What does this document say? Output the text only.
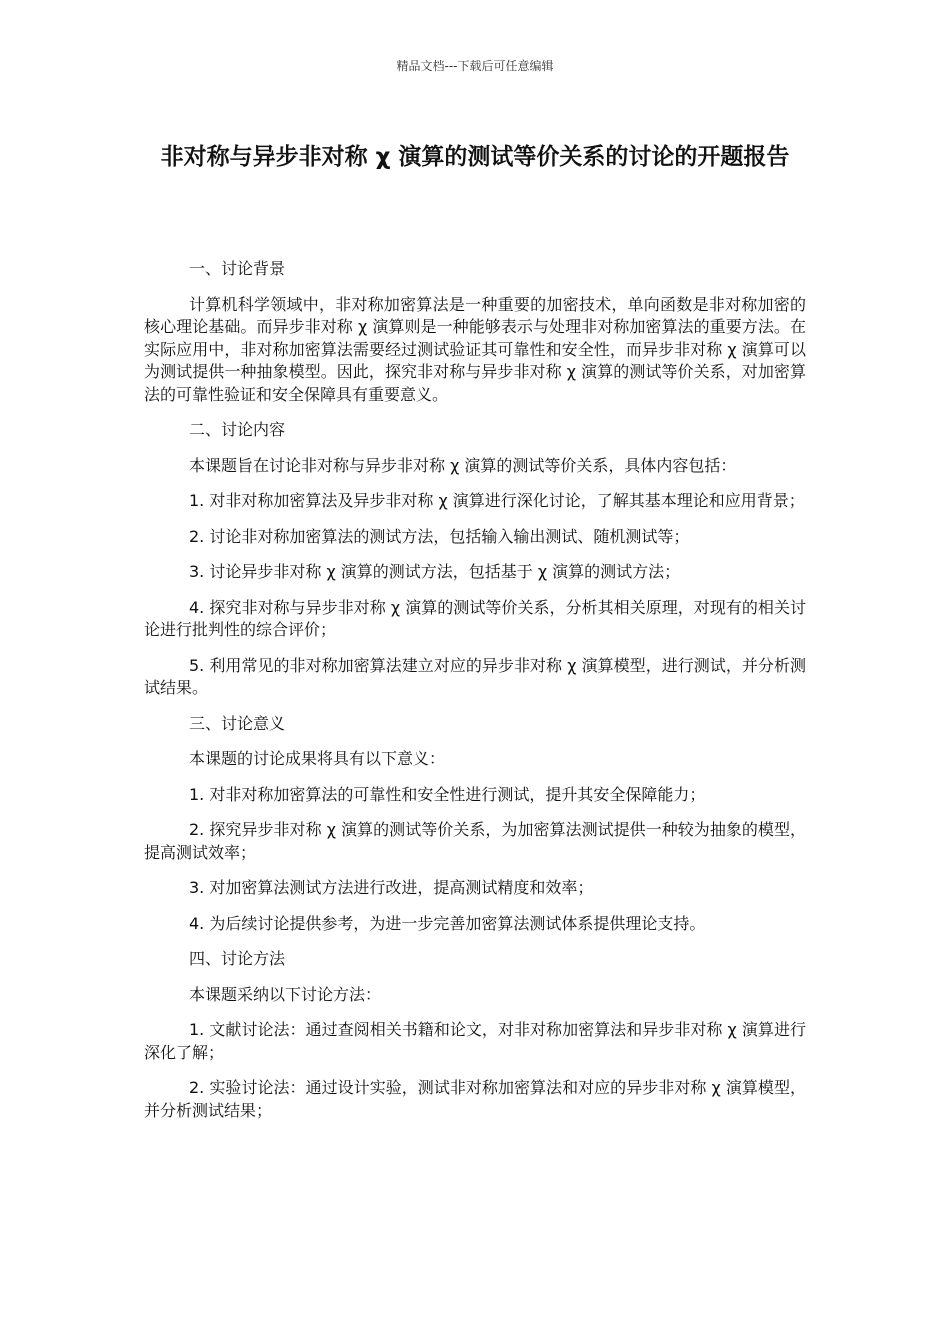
精品文档---下载后可任意编辑
非对称与异步非对称 χ 演算的测试等价关系的讨论的开题报告

一、讨论背景

计算机科学领域中，非对称加密算法是一种重要的加密技术，单向函数是非对称加密的核心理论基础。而异步非对称 χ 演算则是一种能够表示与处理非对称加密算法的重要方法。在实际应用中，非对称加密算法需要经过测试验证其可靠性和安全性，而异步非对称 χ 演算可以为测试提供一种抽象模型。因此，探究非对称与异步非对称 χ 演算的测试等价关系，对加密算法的可靠性验证和安全保障具有重要意义。

二、讨论内容

本课题旨在讨论非对称与异步非对称 χ 演算的测试等价关系，具体内容包括：

1. 对非对称加密算法及异步非对称 χ 演算进行深化讨论，了解其基本理论和应用背景；

2. 讨论非对称加密算法的测试方法，包括输入输出测试、随机测试等；

3. 讨论异步非对称 χ 演算的测试方法，包括基于 χ 演算的测试方法；

4. 探究非对称与异步非对称 χ 演算的测试等价关系，分析其相关原理，对现有的相关讨论进行批判性的综合评价；

5. 利用常见的非对称加密算法建立对应的异步非对称 χ 演算模型，进行测试，并分析测试结果。

三、讨论意义

本课题的讨论成果将具有以下意义：

1. 对非对称加密算法的可靠性和安全性进行测试，提升其安全保障能力；

2. 探究异步非对称 χ 演算的测试等价关系，为加密算法测试提供一种较为抽象的模型，提高测试效率；

3. 对加密算法测试方法进行改进，提高测试精度和效率；

4. 为后续讨论提供参考，为进一步完善加密算法测试体系提供理论支持。

四、讨论方法

本课题采纳以下讨论方法：

1. 文献讨论法：通过查阅相关书籍和论文，对非对称加密算法和异步非对称 χ 演算进行深化了解；

2. 实验讨论法：通过设计实验，测试非对称加密算法和对应的异步非对称 χ 演算模型，并分析测试结果；
